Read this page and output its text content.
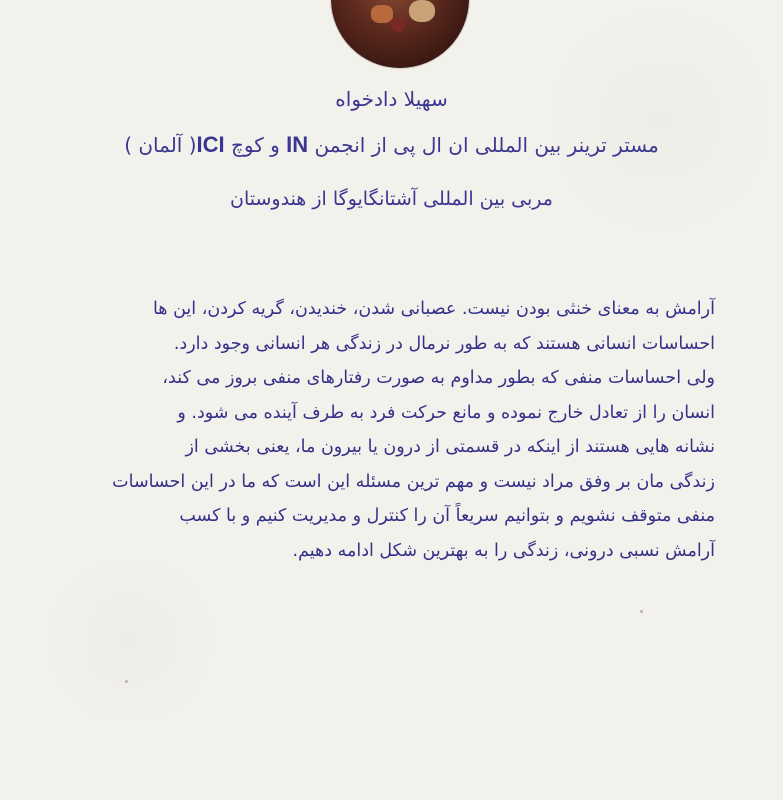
سهیلا دادخواه
مستر ترینر بین المللی ان ال پی از انجمن IN و کوچ ICI( آلمان )
مربی بین المللی آشتانگایوگا از هندوستان

آرامش به معنای خنثی بودن نیست. عصبانی شدن، خندیدن، گریه کردن، این ها

احساسات انسانی هستند که به طور نرمال در زندگی هر انسانی وجود دارد.

ولی احساسات منفی که بطور مداوم به صورت رفتارهای منفی بروز می کند،

انسان را از تعادل خارج نموده و مانع حرکت فرد به طرف آینده می شود. و

نشانه هایی هستند از اینکه در قسمتی از درون یا بیرون ما، یعنی بخشی از

زندگی مان بر وفق مراد نیست و مهم ترین مسئله این است که ما در این احساسات

منفی متوقف نشویم و بتوانیم سریعاً آن را کنترل و مدیریت کنیم و با کسب

آرامش نسبی درونی، زندگی را به بهترین شکل ادامه دهیم.
